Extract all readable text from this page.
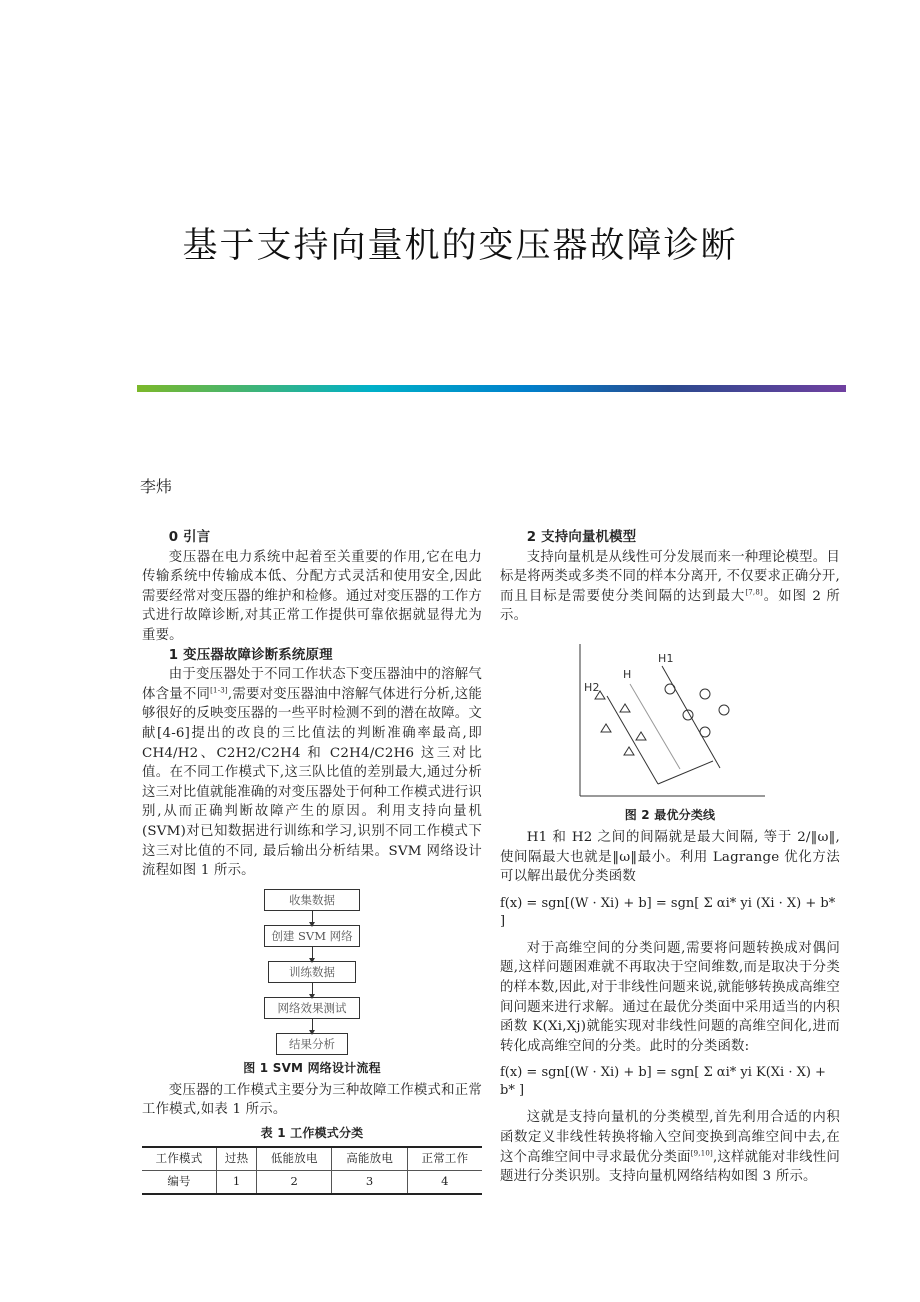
基于支持向量机的变压器故障诊断
李炜
0 引言

变压器在电力系统中起着至关重要的作用,它在电力传输系统中传输成本低、分配方式灵活和使用安全,因此需要经常对变压器的维护和检修。通过对变压器的工作方式进行故障诊断,对其正常工作提供可靠依据就显得尤为重要。

1 变压器故障诊断系统原理

由于变压器处于不同工作状态下变压器油中的溶解气体含量不同[1-3],需要对变压器油中溶解气体进行分析,这能够很好的反映变压器的一些平时检测不到的潜在故障。文献[4-6]提出的改良的三比值法的判断准确率最高,即 CH4/H2、C2H2/C2H4 和 C2H4/C2H6 这三对比值。在不同工作模式下,这三队比值的差别最大,通过分析这三对比值就能准确的对变压器处于何种工作模式进行识别,从而正确判断故障产生的原因。利用支持向量机(SVM)对已知数据进行训练和学习,识别不同工作模式下这三对比值的不同, 最后输出分析结果。SVM 网络设计流程如图 1 所示。

收集数据
创建 SVM 网络
训练数据
网络效果测试
结果分析
图 1 SVM 网络设计流程

变压器的工作模式主要分为三种故障工作模式和正常工作模式,如表 1 所示。

表 1 工作模式分类
工作模式	过热	低能放电	高能放电	正常工作
编号	1	2	3	4
2 支持向量机模型

支持向量机是从线性可分发展而来一种理论模型。目标是将两类或多类不同的样本分离开, 不仅要求正确分开,而且目标是需要使分类间隔的达到最大[7,8]。如图 2 所示。

H1
H
H2
图 2 最优分类线

H1 和 H2 之间的间隔就是最大间隔, 等于 2/‖ω‖, 使间隔最大也就是‖ω‖最小。利用 Lagrange 优化方法可以解出最优分类函数

f(x) = sgn[(W · Xi) + b] = sgn[ Σ αi* yi (Xi · X) + b* ]

对于高维空间的分类问题,需要将问题转换成对偶问题,这样问题困难就不再取决于空间维数,而是取决于分类的样本数,因此,对于非线性问题来说,就能够转换成高维空间问题来进行求解。通过在最优分类面中采用适当的内积函数 K(Xi,Xj)就能实现对非线性问题的高维空间化,进而转化成高维空间的分类。此时的分类函数:

f(x) = sgn[(W · Xi) + b] = sgn[ Σ αi* yi K(Xi · X) + b* ]

这就是支持向量机的分类模型,首先利用合适的内积函数定义非线性转换将输入空间变换到高维空间中去,在这个高维空间中寻求最优分类面[9,10],这样就能对非线性问题进行分类识别。支持向量机网络结构如图 3 所示。
